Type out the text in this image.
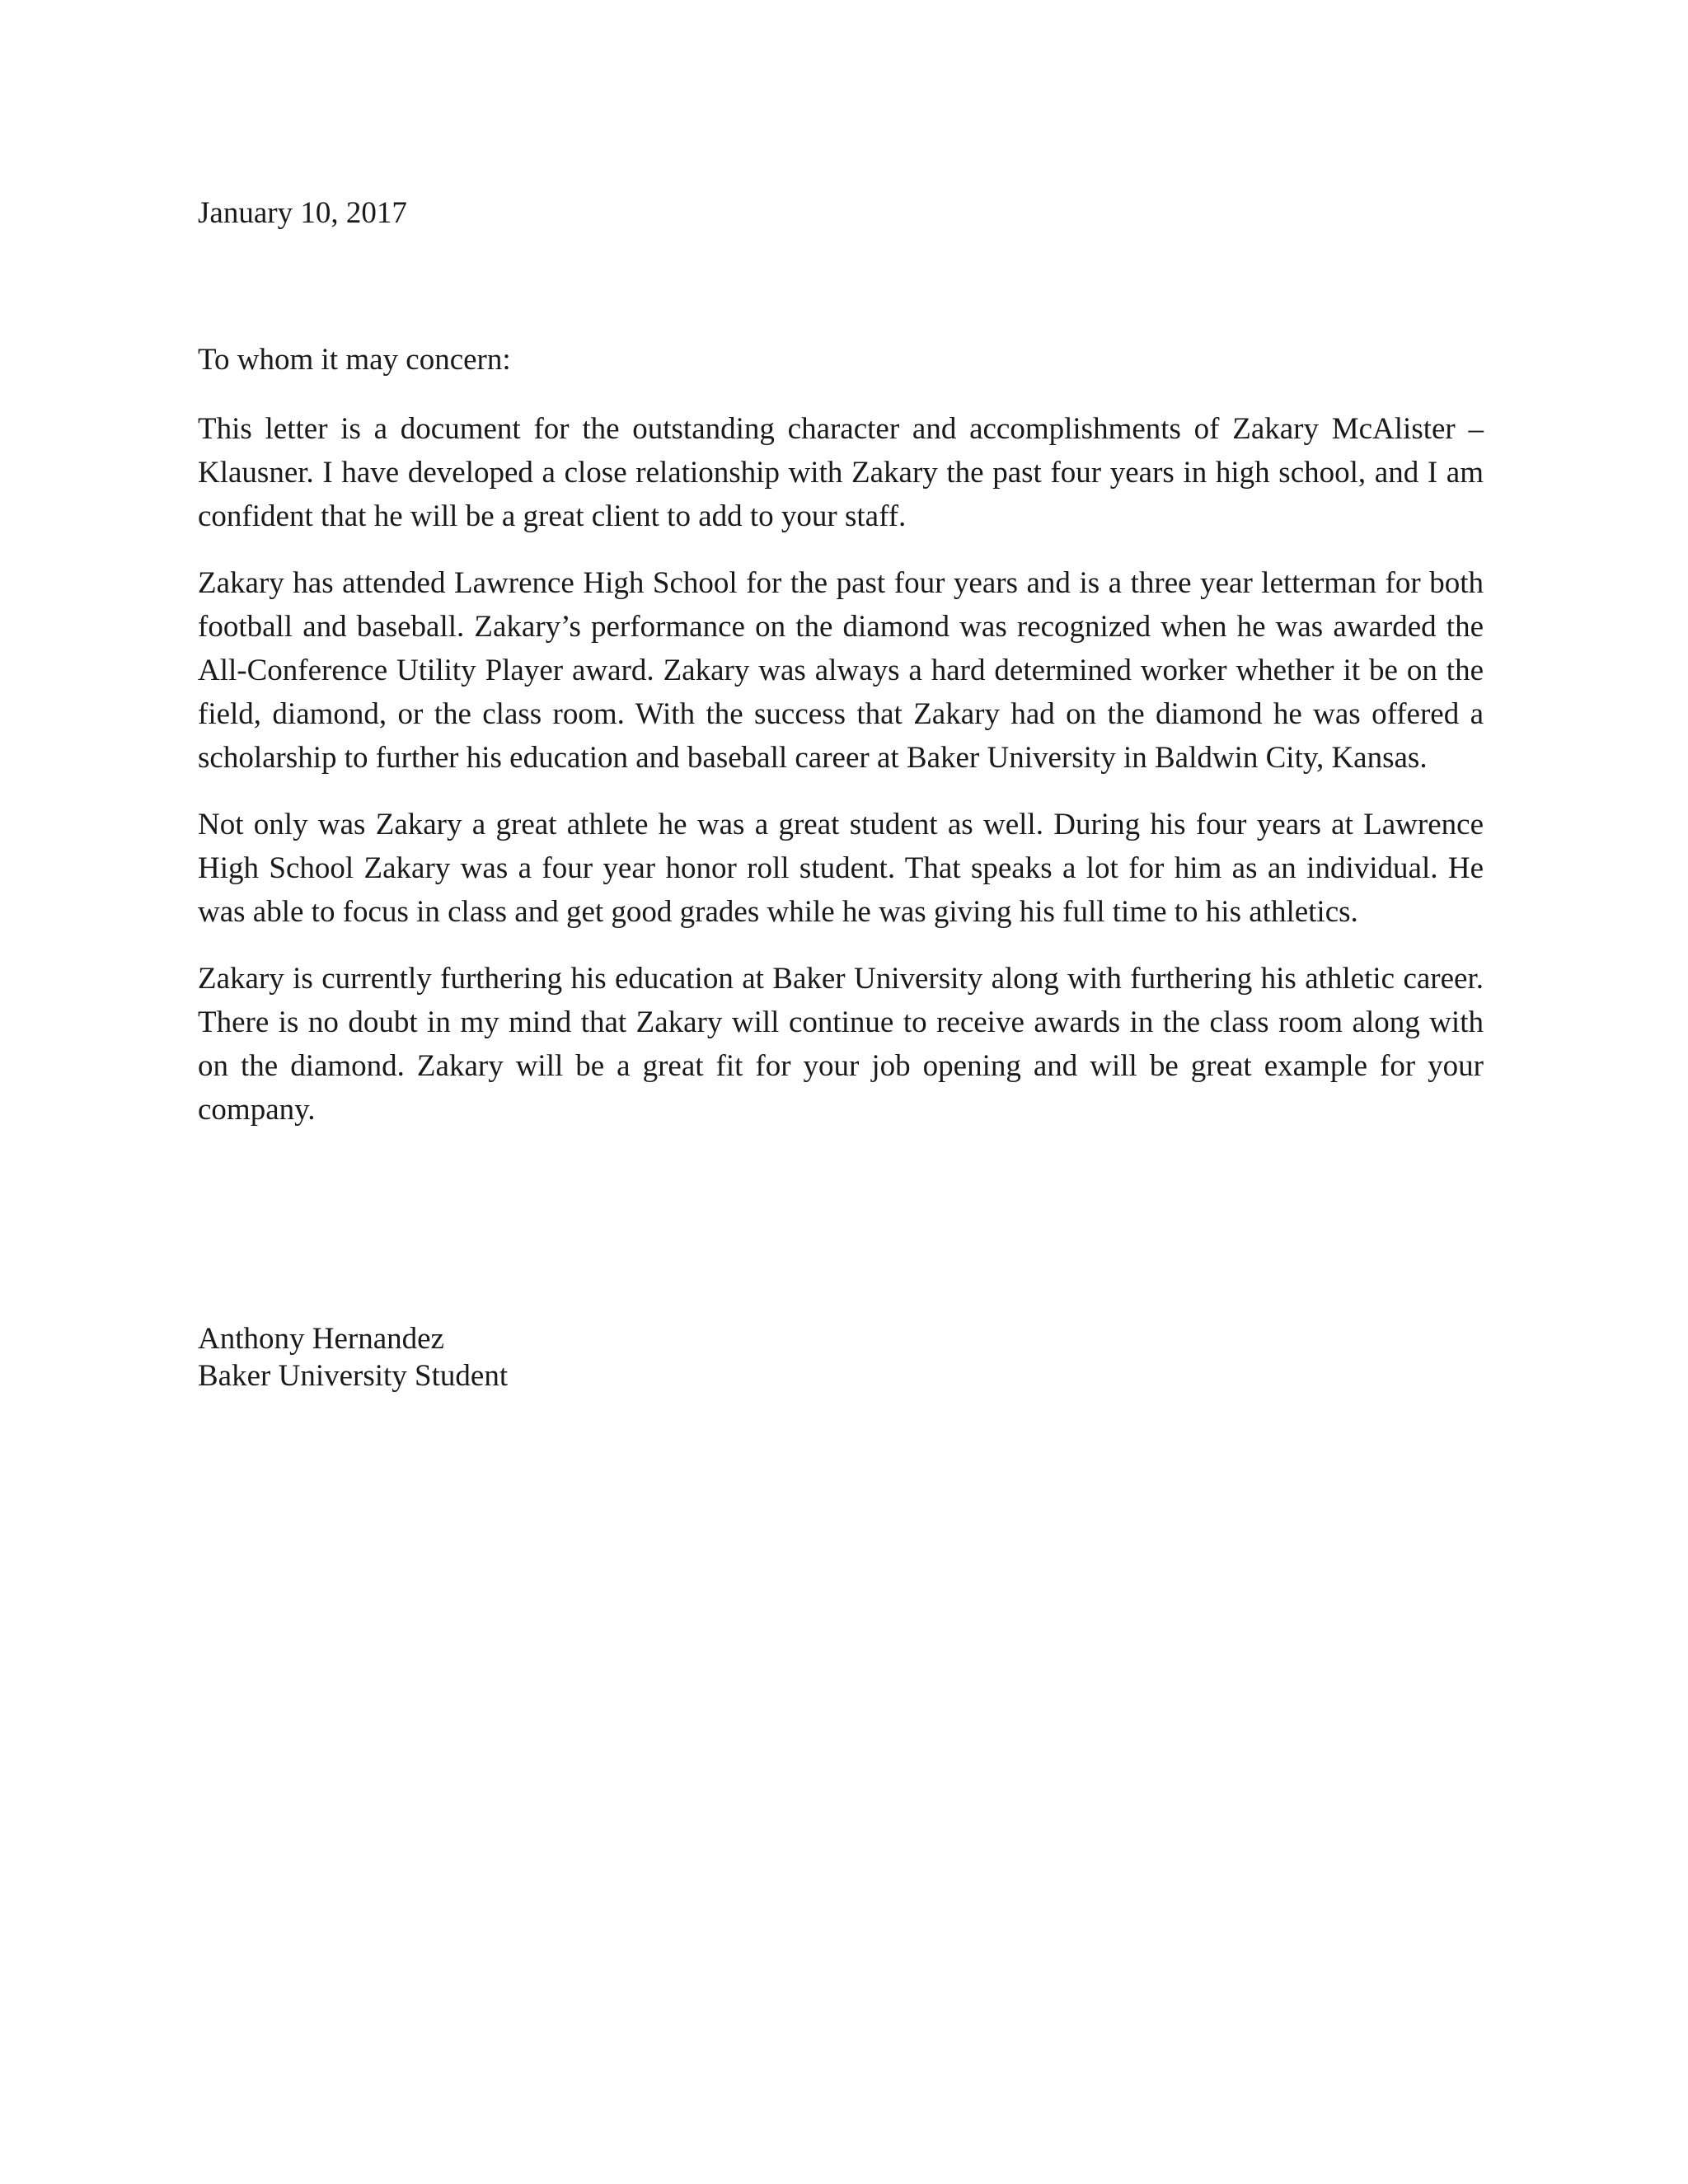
January 10, 2017

To whom it may concern:

This letter is a document for the outstanding character and accomplishments of Zakary McAlister – Klausner. I have developed a close relationship with Zakary the past four years in high school, and I am confident that he will be a great client to add to your staff.

Zakary has attended Lawrence High School for the past four years and is a three year letterman for both football and baseball. Zakary’s performance on the diamond was recognized when he was awarded the All-Conference Utility Player award. Zakary was always a hard determined worker whether it be on the field, diamond, or the class room. With the success that Zakary had on the diamond he was offered a scholarship to further his education and baseball career at Baker University in Baldwin City, Kansas.

Not only was Zakary a great athlete he was a great student as well. During his four years at Lawrence High School Zakary was a four year honor roll student. That speaks a lot for him as an individual. He was able to focus in class and get good grades while he was giving his full time to his athletics.

Zakary is currently furthering his education at Baker University along with furthering his athletic career. There is no doubt in my mind that Zakary will continue to receive awards in the class room along with on the diamond. Zakary will be a great fit for your job opening and will be great example for your company.

Anthony Hernandez
Baker University Student
